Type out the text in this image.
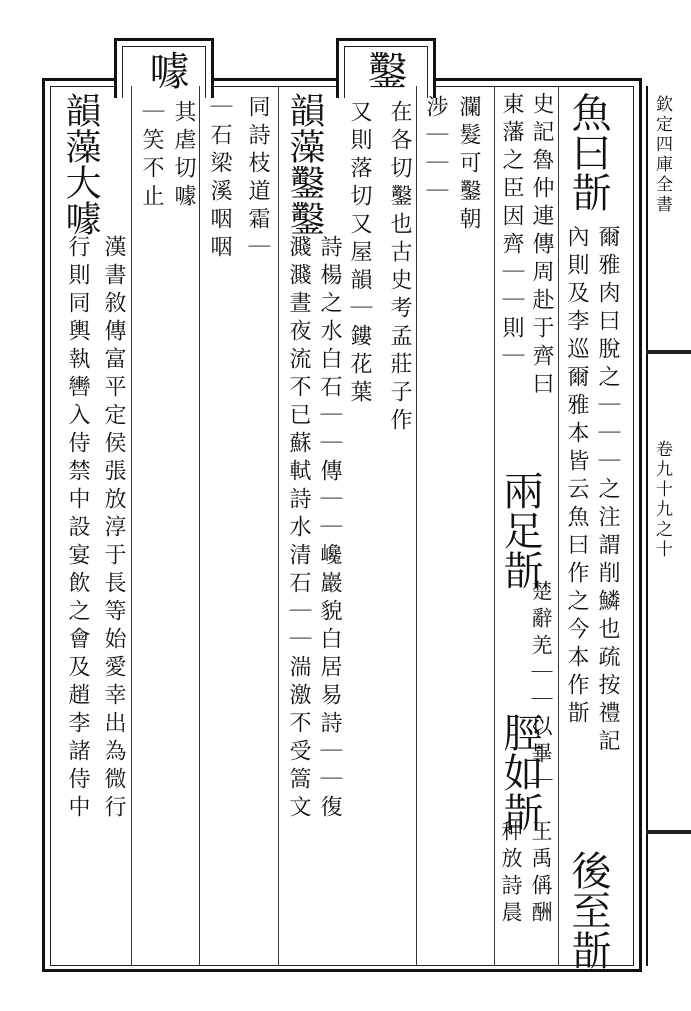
欽定四庫全書
卷九十九之十
魚曰斮
爾雅肉曰脫之｜｜｜之注謂削鱗也疏按禮記
後至斮
內則及李巡爾雅本皆云魚曰作之今本作斮
史記魯仲連傳周赴于齊曰
兩足斮
楚辭羌｜｜以畢｜
脛如斮
王禹偁酬
東藩之臣因齊｜｜則｜
种放詩晨
瀾髮可鑿朝
涉｜｜｜
鑿
在各切鑿也古史考孟莊子作
又則落切又屋韻｜鏤花葉
韻藻鑿鑿
詩楊之水白石｜｜傳｜｜巉巖貌白居易詩｜｜復
濺濺晝夜流不已蘇軾詩水清石｜｜湍激不受篙文
同詩枝道霜｜
｜石梁溪咽咽
噱
其虐切噱
｜笑不止
韻藻大噱
漢書敘傳富平定侯張放淳于長等始愛幸出為微行
行則同輿執轡入侍禁中設宴飲之會及趙李諸侍中
